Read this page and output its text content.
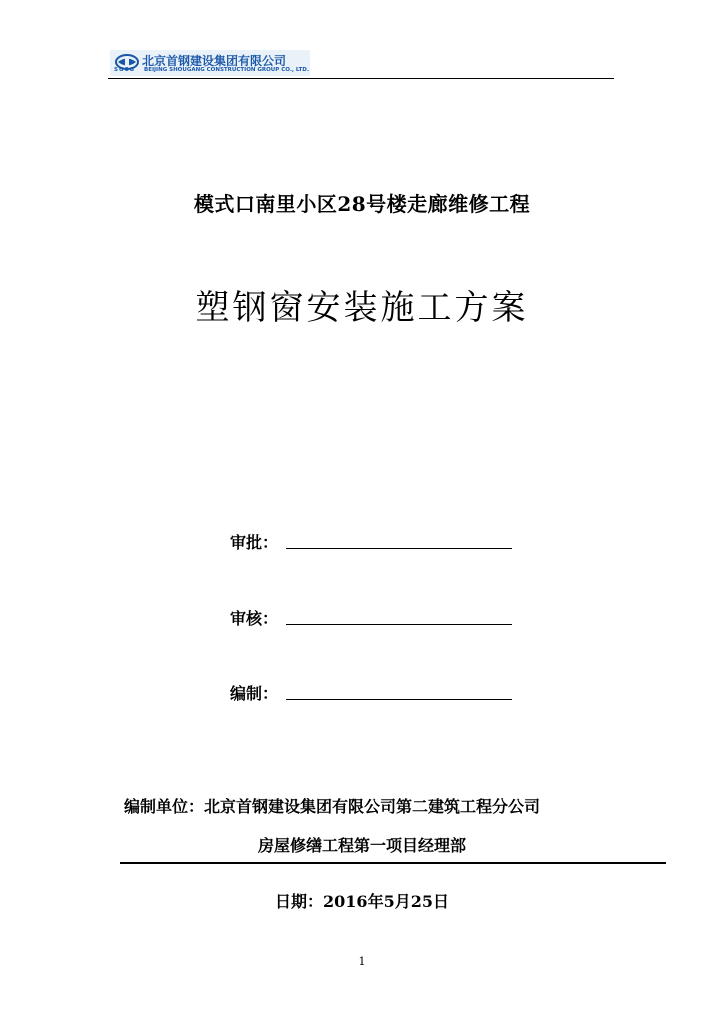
北京首钢建设集团有限公司
SGCG BEIJING SHOUGANG CONSTRUCTION GROUP CO., LTD.
模式口南里小区28号楼走廊维修工程
塑钢窗安装施工方案
审批：
审核：
编制：
编制单位：北京首钢建设集团有限公司第二建筑工程分公司
房屋修缮工程第一项目经理部
日期：2016年5月25日
1
